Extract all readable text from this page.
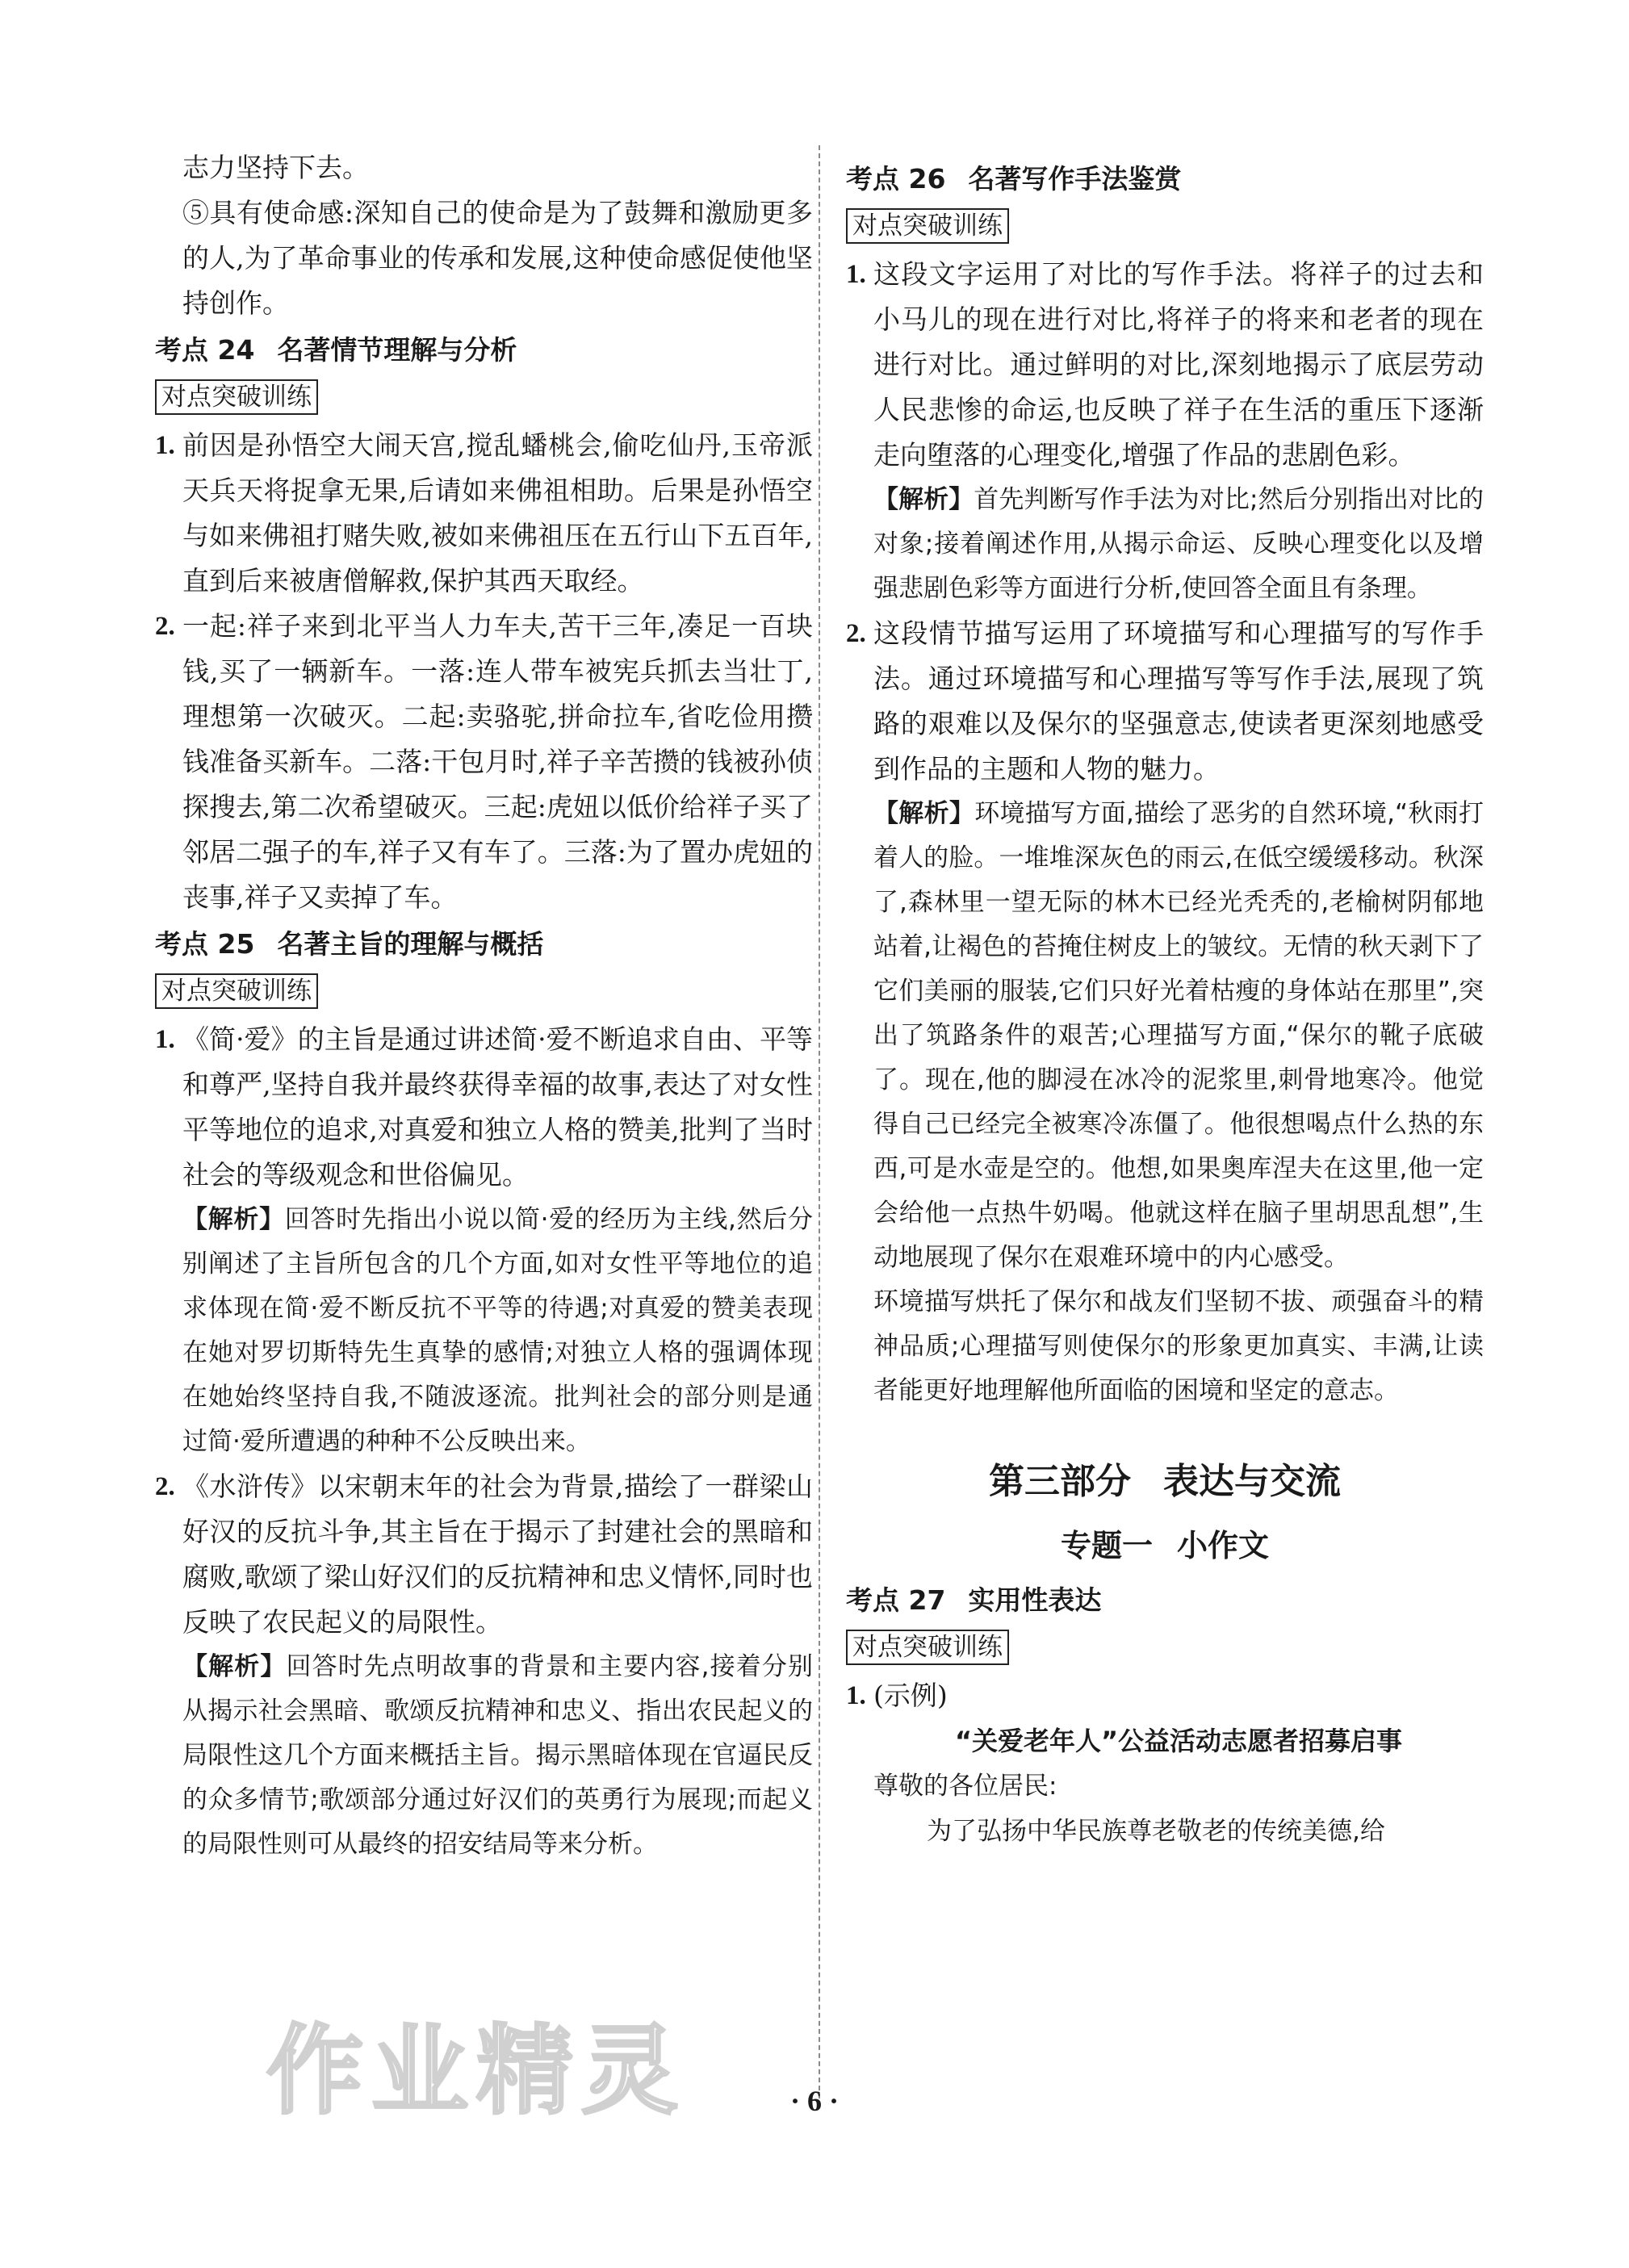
志力坚持下去。

⑤具有使命感:深知自己的使命是为了鼓舞和激励更多的人,为了革命事业的传承和发展,这种使命感促使他坚持创作。

考点 24 名著情节理解与分析
对点突破训练
1. 前因是孙悟空大闹天宫,搅乱蟠桃会,偷吃仙丹,玉帝派天兵天将捉拿无果,后请如来佛祖相助。后果是孙悟空与如来佛祖打赌失败,被如来佛祖压在五行山下五百年,直到后来被唐僧解救,保护其西天取经。
2. 一起:祥子来到北平当人力车夫,苦干三年,凑足一百块钱,买了一辆新车。一落:连人带车被宪兵抓去当壮丁,理想第一次破灭。二起:卖骆驼,拼命拉车,省吃俭用攒钱准备买新车。二落:干包月时,祥子辛苦攒的钱被孙侦探搜去,第二次希望破灭。三起:虎妞以低价给祥子买了邻居二强子的车,祥子又有车了。三落:为了置办虎妞的丧事,祥子又卖掉了车。
考点 25 名著主旨的理解与概括
对点突破训练
1. 《简·爱》的主旨是通过讲述简·爱不断追求自由、平等和尊严,坚持自我并最终获得幸福的故事,表达了对女性平等地位的追求,对真爱和独立人格的赞美,批判了当时社会的等级观念和世俗偏见。

【解析】回答时先指出小说以简·爱的经历为主线,然后分别阐述了主旨所包含的几个方面,如对女性平等地位的追求体现在简·爱不断反抗不平等的待遇;对真爱的赞美表现在她对罗切斯特先生真挚的感情;对独立人格的强调体现在她始终坚持自我,不随波逐流。批判社会的部分则是通过简·爱所遭遇的种种不公反映出来。

2. 《水浒传》以宋朝末年的社会为背景,描绘了一群梁山好汉的反抗斗争,其主旨在于揭示了封建社会的黑暗和腐败,歌颂了梁山好汉们的反抗精神和忠义情怀,同时也反映了农民起义的局限性。

【解析】回答时先点明故事的背景和主要内容,接着分别从揭示社会黑暗、歌颂反抗精神和忠义、指出农民起义的局限性这几个方面来概括主旨。揭示黑暗体现在官逼民反的众多情节;歌颂部分通过好汉们的英勇行为展现;而起义的局限性则可从最终的招安结局等来分析。

考点 26 名著写作手法鉴赏
对点突破训练
1. 这段文字运用了对比的写作手法。将祥子的过去和小马儿的现在进行对比,将祥子的将来和老者的现在进行对比。通过鲜明的对比,深刻地揭示了底层劳动人民悲惨的命运,也反映了祥子在生活的重压下逐渐走向堕落的心理变化,增强了作品的悲剧色彩。

【解析】首先判断写作手法为对比;然后分别指出对比的对象;接着阐述作用,从揭示命运、反映心理变化以及增强悲剧色彩等方面进行分析,使回答全面且有条理。

2. 这段情节描写运用了环境描写和心理描写的写作手法。通过环境描写和心理描写等写作手法,展现了筑路的艰难以及保尔的坚强意志,使读者更深刻地感受到作品的主题和人物的魅力。

【解析】环境描写方面,描绘了恶劣的自然环境,“秋雨打着人的脸。一堆堆深灰色的雨云,在低空缓缓移动。秋深了,森林里一望无际的林木已经光秃秃的,老榆树阴郁地站着,让褐色的苔掩住树皮上的皱纹。无情的秋天剥下了它们美丽的服装,它们只好光着枯瘦的身体站在那里”,突出了筑路条件的艰苦;心理描写方面,“保尔的靴子底破了。现在,他的脚浸在冰冷的泥浆里,刺骨地寒冷。他觉得自己已经完全被寒冷冻僵了。他很想喝点什么热的东西,可是水壶是空的。他想,如果奥库涅夫在这里,他一定会给他一点热牛奶喝。他就这样在脑子里胡思乱想”,生动地展现了保尔在艰难环境中的内心感受。

环境描写烘托了保尔和战友们坚韧不拔、顽强奋斗的精神品质;心理描写则使保尔的形象更加真实、丰满,让读者能更好地理解他所面临的困境和坚定的意志。

第三部分 表达与交流
专题一 小作文
考点 27 实用性表达
对点突破训练
1. (示例)
“关爱老年人”公益活动志愿者招募启事
尊敬的各位居民:
为了弘扬中华民族尊老敬老的传统美德,给
作业精灵	· 6 ·
